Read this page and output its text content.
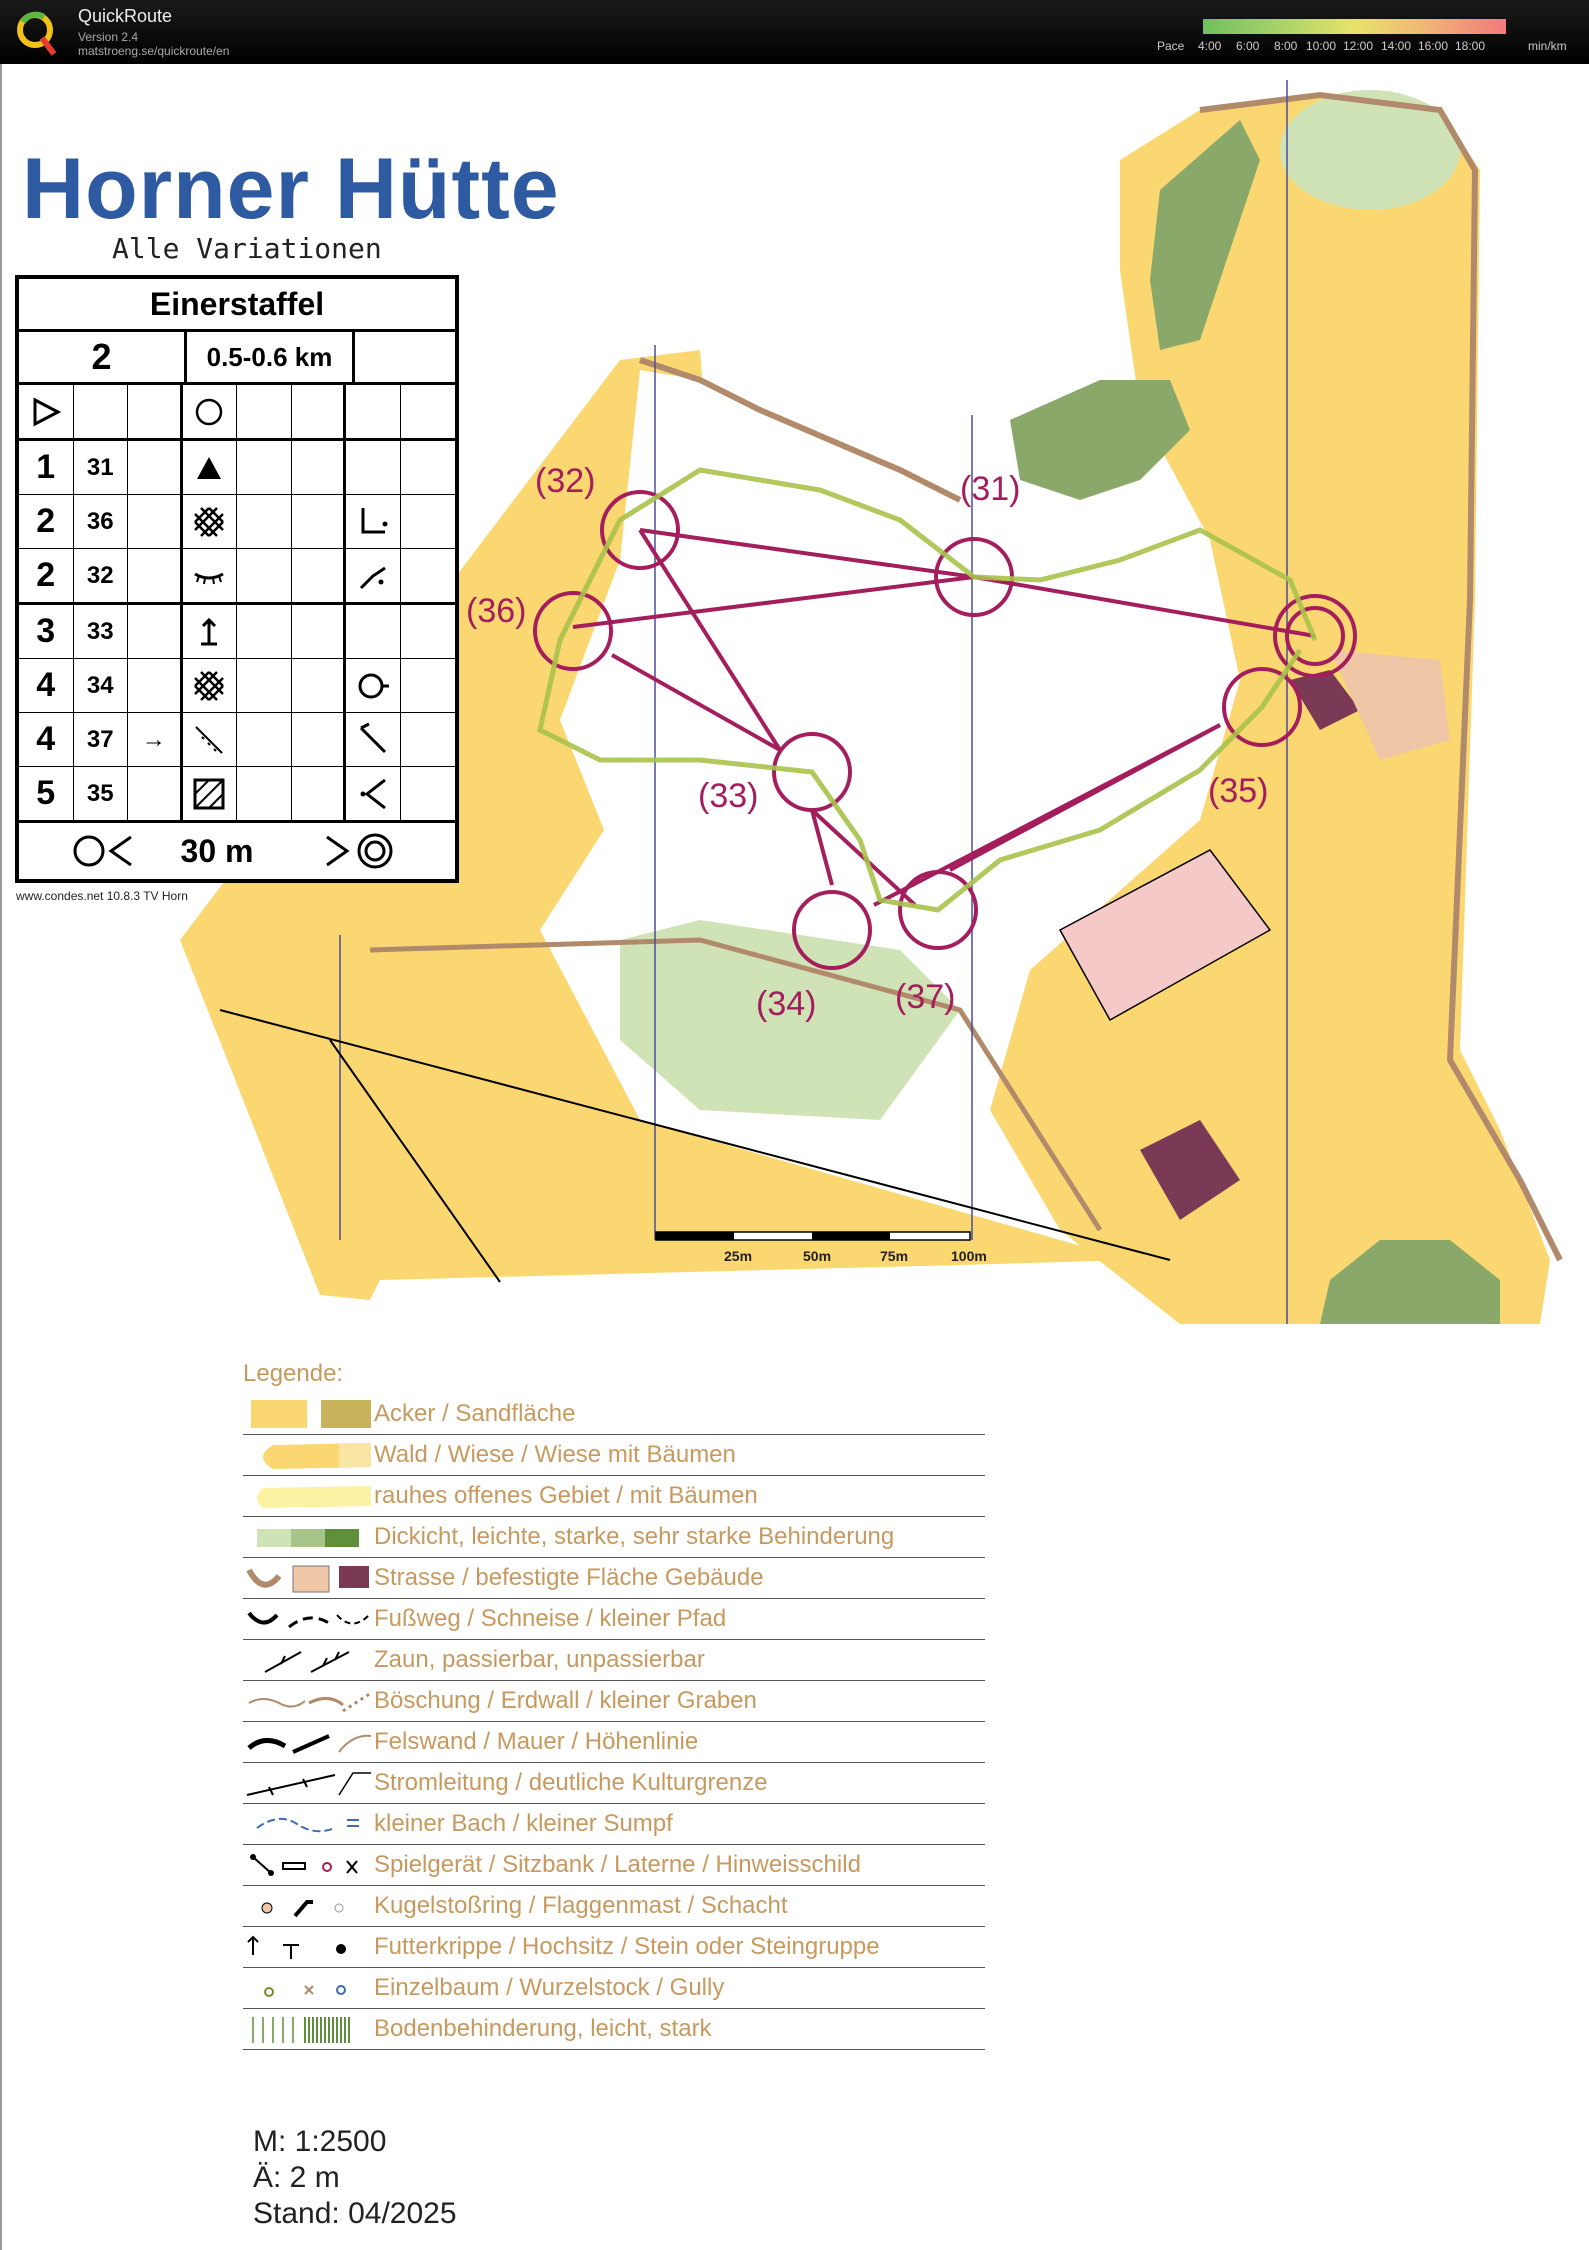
QuickRoute
Version 2.4
matstroeng.se/quickroute/en	Pace 4:00 6:00 8:00 10:00 12:00 14:00 16:00 18:00	min/km
Horner Hütte
Alle Variationen
Einerstaffel
2	0.5-0.6 km
1	31
2	36
2	32
3	33
4	34
4	37	→
5	35
30 m
www.condes.net 10.8.3 TV Horn
(32)	(31)
(36)
(33)	(35)
(34) (37)
25m	50m	75m	100m
Legende:
Acker / Sandfläche
Wald / Wiese / Wiese mit Bäumen
rauhes offenes Gebiet / mit Bäumen
Dickicht, leichte, starke, sehr starke Behinderung
Strasse / befestigte Fläche Gebäude
Fußweg / Schneise / kleiner Pfad
Zaun, passierbar, unpassierbar
Böschung / Erdwall / kleiner Graben
Felswand / Mauer / Höhenlinie
Stromleitung / deutliche Kulturgrenze
kleiner Bach / kleiner Sumpf
Spielgerät / Sitzbank / Laterne / Hinweisschild
Kugelstoßring / Flaggenmast / Schacht
Futterkrippe / Hochsitz / Stein oder Steingruppe
Einzelbaum / Wurzelstock / Gully
Bodenbehinderung, leicht, stark
M: 1:2500
Ä: 2 m
Stand: 04/2025
